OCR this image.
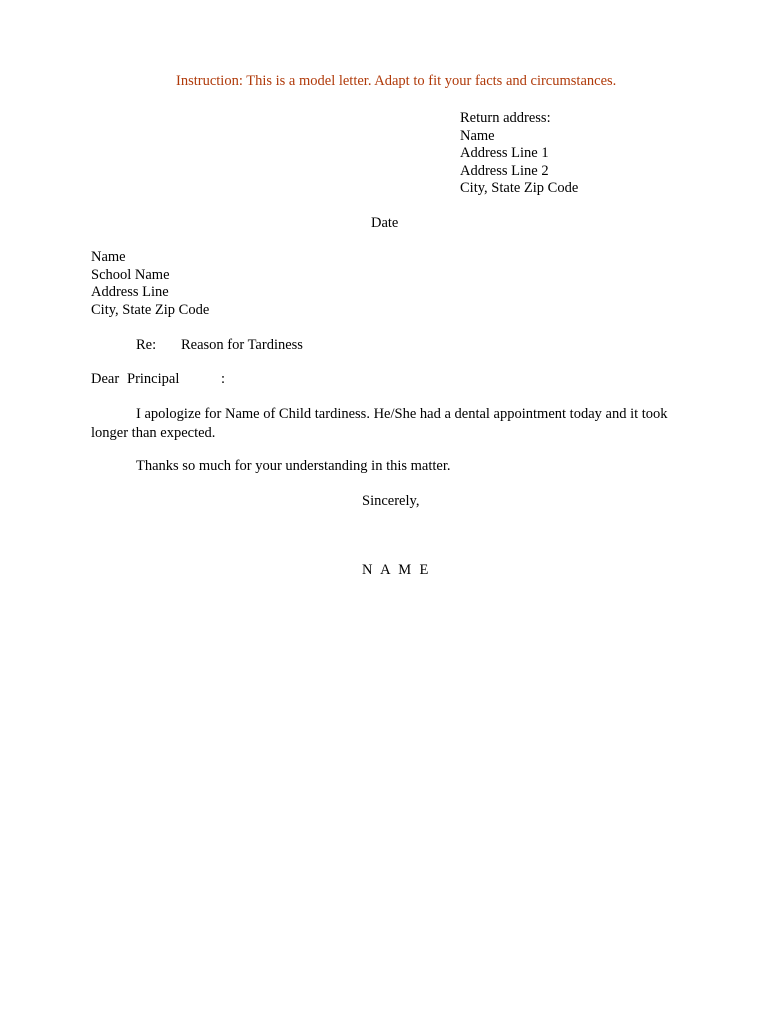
Instruction: This is a model letter. Adapt to fit your facts and circumstances.
Return address:
Name
Address Line 1
Address Line 2
City, State Zip Code
Date
Name
School Name
Address Line
City, State Zip Code
Re: Reason for Tardiness
Dear Principal	:
I apologize for Name of Child tardiness. He/She had a dental appointment today and it took longer than expected.
Thanks so much for your understanding in this matter.
Sincerely,
N A M E
